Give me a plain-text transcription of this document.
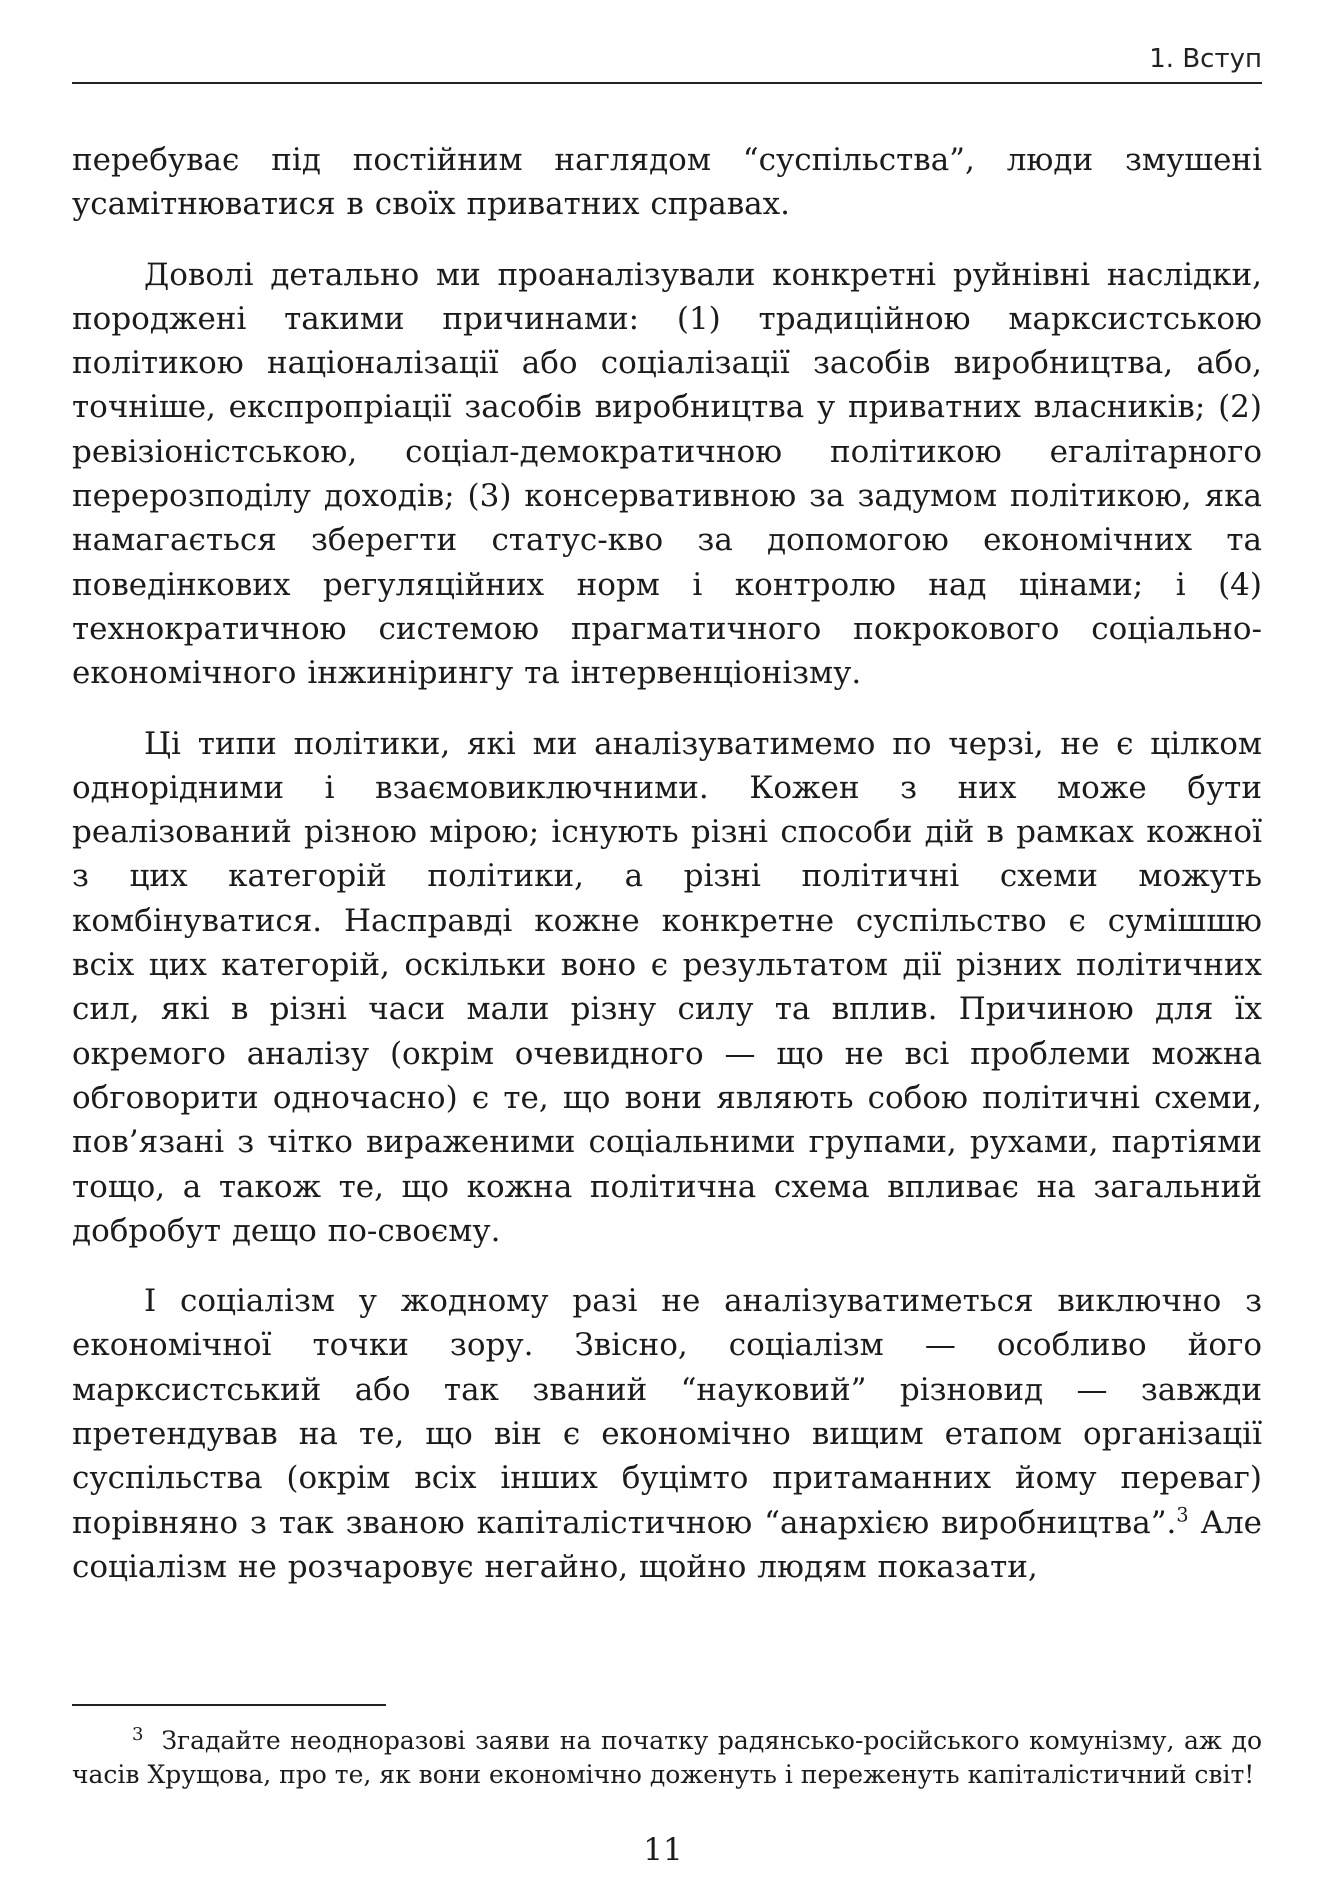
1. Вступ

перебуває під постійним наглядом “суспільства”, люди змушені усамітнюватися в своїх приватних справах.

Доволі детально ми проаналізували конкретні руйнівні наслідки, породжені такими причинами: (1) традиційною марксистською політикою націоналізації або соціалізації засобів виробництва, або, точніше, експропріації засобів виробництва у приватних власників; (2) ревізіоністською, соціал-демократичною політикою егалітарного перерозподілу доходів; (3) консервативною за задумом політикою, яка намагається зберегти статус-кво за допомогою економічних та поведінкових регуляційних норм і контролю над цінами; і (4) технократичною системою прагматичного покрокового соціально-економічного інжинірингу та інтервенціонізму.

Ці типи політики, які ми аналізуватимемо по черзі, не є цілком однорідними і взаємовиключними. Кожен з них може бути реалізований різною мірою; існують різні способи дій в рамках кожної з цих категорій політики, а різні політичні схеми можуть комбінуватися. Насправді кожне конкретне суспільство є сумішшю всіх цих категорій, оскільки воно є результатом дії різних політичних сил, які в різні часи мали різну силу та вплив. Причиною для їх окремого аналізу (окрім очевидного — що не всі проблеми можна обговорити одночасно) є те, що вони являють собою політичні схеми, пов’язані з чітко вираженими соціальними групами, рухами, партіями тощо, а також те, що кожна політична схема впливає на загальний добробут дещо по-своєму.

І соціалізм у жодному разі не аналізуватиметься виключно з економічної точки зору. Звісно, соціалізм — особливо його марксистський або так званий “науковий” різновид — завжди претендував на те, що він є економічно вищим етапом організації суспільства (окрім всіх інших буцімто притаманних йому переваг) порівняно з так званою капіталістичною “анархією виробництва”.$^3$ Але соціалізм не розчаровує негайно, щойно людям показати,

$^3$ Згадайте неодноразові заяви на початку радянсько-російського комунізму, аж до часів Хрущова, про те, як вони економічно доженуть і переженуть капіталістичний світ!

11
